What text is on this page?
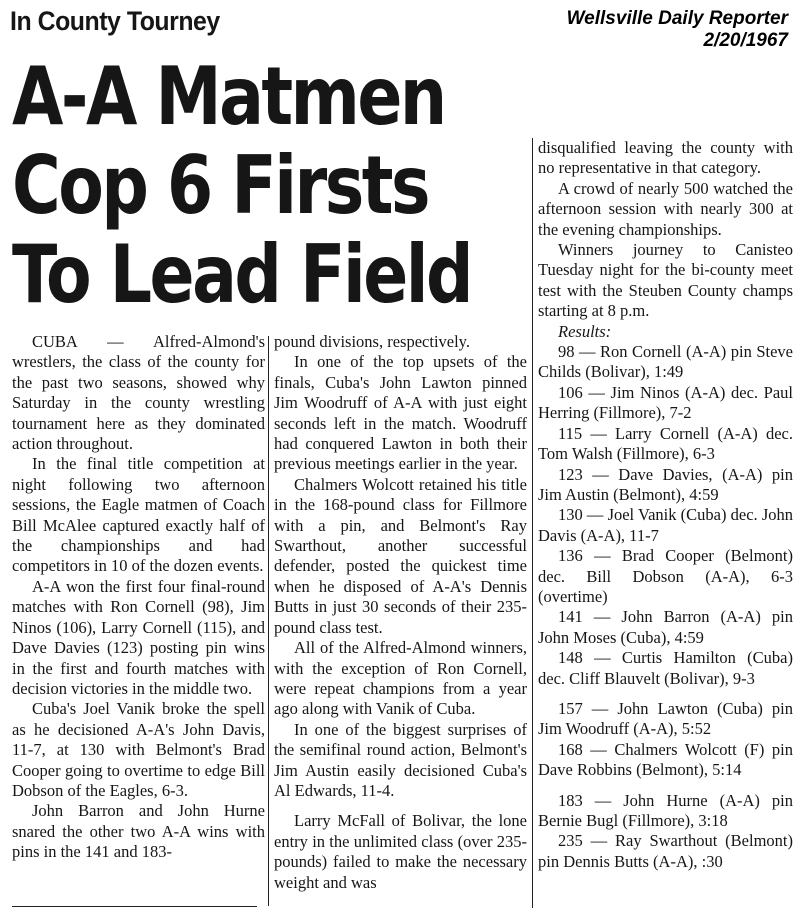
In County Tourney	Wellsville Daily Reporter
2/20/1967
A-A Matmen
Cop 6 Firsts
To Lead Field

CUBA — Alfred-Almond's wrestlers, the class of the county for the past two seasons, showed why Saturday in the county wrestling tournament here as they dominated action throughout.

In the final title competition at night following two afternoon sessions, the Eagle matmen of Coach Bill McAlee captured exactly half of the championships and had competitors in 10 of the dozen events.

A-A won the first four final-round matches with Ron Cornell (98), Jim Ninos (106), Larry Cornell (115), and Dave Davies (123) posting pin wins in the first and fourth matches with decision victories in the middle two.

Cuba's Joel Vanik broke the spell as he decisioned A-A's John Davis, 11-7, at 130 with Belmont's Brad Cooper going to overtime to edge Bill Dobson of the Eagles, 6-3.

John Barron and John Hurne snared the other two A-A wins with pins in the 141 and 183-

pound divisions, respectively.

In one of the top upsets of the finals, Cuba's John Lawton pinned Jim Woodruff of A-A with just eight seconds left in the match. Woodruff had conquered Lawton in both their previous meetings earlier in the year.

Chalmers Wolcott retained his title in the 168-pound class for Fillmore with a pin, and Belmont's Ray Swarthout, another successful defender, posted the quickest time when he disposed of A-A's Dennis Butts in just 30 seconds of their 235-pound class test.

All of the Alfred-Almond winners, with the exception of Ron Cornell, were repeat champions from a year ago along with Vanik of Cuba.

In one of the biggest surprises of the semifinal round action, Belmont's Jim Austin easily decisioned Cuba's Al Edwards, 11-4.

Larry McFall of Bolivar, the lone entry in the unlimited class (over 235-pounds) failed to make the necessary weight and was

disqualified leaving the county with no representative in that category.

A crowd of nearly 500 watched the afternoon session with nearly 300 at the evening championships.

Winners journey to Canisteo Tuesday night for the bi-county meet test with the Steuben County champs starting at 8 p.m.

Results:

98 — Ron Cornell (A-A) pin Steve Childs (Bolivar), 1:49

106 — Jim Ninos (A-A) dec. Paul Herring (Fillmore), 7-2

115 — Larry Cornell (A-A) dec. Tom Walsh (Fillmore), 6-3

123 — Dave Davies, (A-A) pin Jim Austin (Belmont), 4:59

130 — Joel Vanik (Cuba) dec. John Davis (A-A), 11-7

136 — Brad Cooper (Belmont) dec. Bill Dobson (A-A), 6-3 (overtime)

141 — John Barron (A-A) pin John Moses (Cuba), 4:59

148 — Curtis Hamilton (Cuba) dec. Cliff Blauvelt (Bolivar), 9-3

157 — John Lawton (Cuba) pin Jim Woodruff (A-A), 5:52

168 — Chalmers Wolcott (F) pin Dave Robbins (Belmont), 5:14

183 — John Hurne (A-A) pin Bernie Bugl (Fillmore), 3:18

235 — Ray Swarthout (Belmont) pin Dennis Butts (A-A), :30
